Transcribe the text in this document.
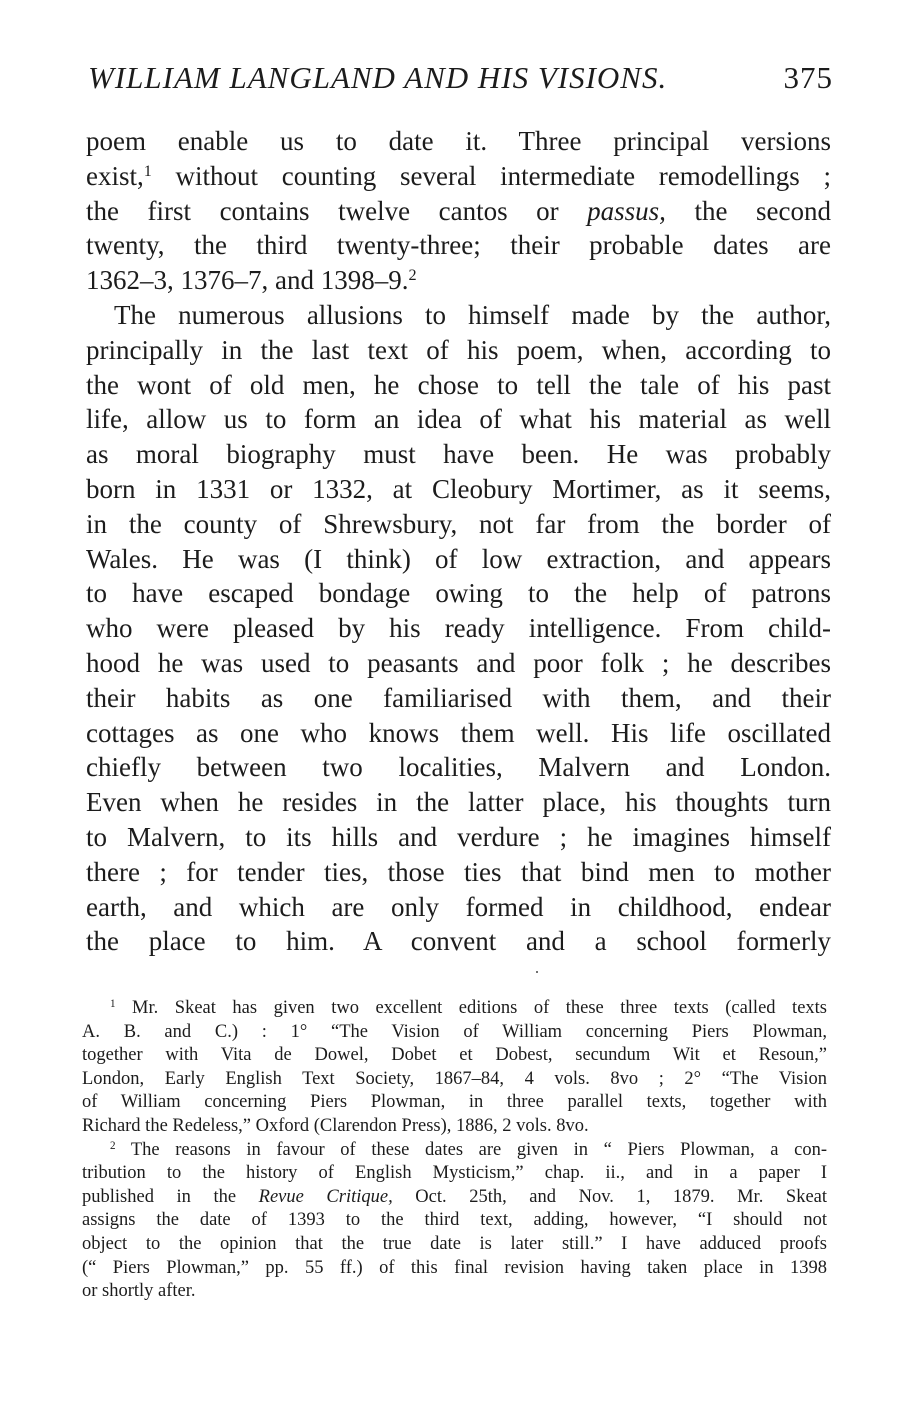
WILLIAM LANGLAND AND HIS VISIONS.	375
poem enable us to date it. Three principal versions
exist,$^1$ without counting several intermediate remodellings ;
the first contains twelve cantos or passus, the second
twenty, the third twenty-three; their probable dates are
1362–3, 1376–7, and 1398–9.$^2$
The numerous allusions to himself made by the author,
principally in the last text of his poem, when, according to
the wont of old men, he chose to tell the tale of his past
life, allow us to form an idea of what his material as well
as moral biography must have been. He was probably
born in 1331 or 1332, at Cleobury Mortimer, as it seems,
in the county of Shrewsbury, not far from the border of
Wales. He was (I think) of low extraction, and appears
to have escaped bondage owing to the help of patrons
who were pleased by his ready intelligence. From child-
hood he was used to peasants and poor folk ; he describes
their habits as one familiarised with them, and their
cottages as one who knows them well. His life oscillated
chiefly between two localities, Malvern and London.
Even when he resides in the latter place, his thoughts turn
to Malvern, to its hills and verdure ; he imagines himself
there ; for tender ties, those ties that bind men to mother
earth, and which are only formed in childhood, endear
the place to him. A convent and a school formerly
$^1$ Mr. Skeat has given two excellent editions of these three texts (called texts
A. B. and C.) : 1° “The Vision of William concerning Piers Plowman,
together with Vita de Dowel, Dobet et Dobest, secundum Wit et Resoun,”
London, Early English Text Society, 1867–84, 4 vols. 8vo ; 2° “The Vision
of William concerning Piers Plowman, in three parallel texts, together with
Richard the Redeless,” Oxford (Clarendon Press), 1886, 2 vols. 8vo.
$^2$ The reasons in favour of these dates are given in “ Piers Plowman, a con-
tribution to the history of English Mysticism,” chap. ii., and in a paper I
published in the Revue Critique, Oct. 25th, and Nov. 1, 1879. Mr. Skeat
assigns the date of 1393 to the third text, adding, however, “I should not
object to the opinion that the true date is later still.” I have adduced proofs
(“ Piers Plowman,” pp. 55 ff.) of this final revision having taken place in 1398
or shortly after.
